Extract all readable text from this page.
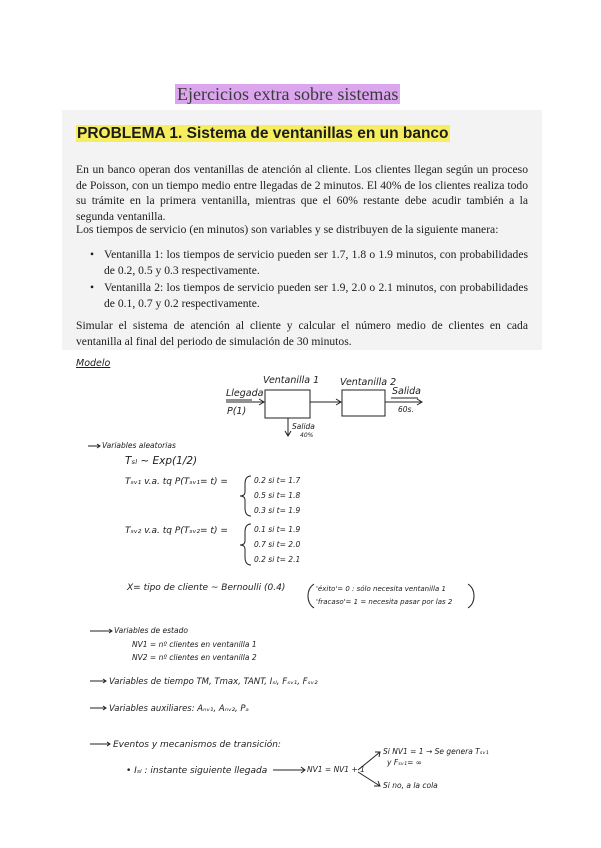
Ejercicios extra sobre sistemas
PROBLEMA 1. Sistema de ventanillas en un banco
En un banco operan dos ventanillas de atención al cliente. Los clientes llegan según un proceso de Poisson, con un tiempo medio entre llegadas de 2 minutos. El 40% de los clientes realiza todo su trámite en la primera ventanilla, mientras que el 60% restante debe acudir también a la segunda ventanilla.
Los tiempos de servicio (en minutos) son variables y se distribuyen de la siguiente manera:
• Ventanilla 1: los tiempos de servicio pueden ser 1.7, 1.8 o 1.9 minutos, con probabilidades de 0.2, 0.5 y 0.3 respectivamente.
• Ventanilla 2: los tiempos de servicio pueden ser 1.9, 2.0 o 2.1 minutos, con probabilidades de 0.1, 0.7 y 0.2 respectivamente.
Simular el sistema de atención al cliente y calcular el número medio de clientes en cada ventanilla al final del periodo de simulación de 30 minutos.
Modelo
Llegada
P(1)
Ventanilla 1 Ventanilla 2
Salida
60s.
Salida
40%
Variables aleatorias
Tₛₗ ~ Exp(1/2)
Tₛᵥ₁ v.a. tq P(Tₛᵥ₁= t) =	0.2 si t= 1.7
0.5 si t= 1.8
0.3 si t= 1.9
Tₛᵥ₂ v.a. tq P(Tₛᵥ₂= t) =	0.1 si t= 1.9
0.7 si t= 2.0
0.2 si t= 2.1
X= tipo de cliente ~ Bernoulli (0.4)	'éxito'= 0 : sólo necesita ventanilla 1
'fracaso'= 1 = necesita pasar por las 2
Variables de estado
NV1 = nº clientes en ventanilla 1
NV2 = nº clientes en ventanilla 2
Variables de tiempo TM, Tmax, TANT, Iₛₗ, Fₛᵥ₁, Fₛᵥ₂
Variables auxiliares: Aₙᵥ₁, Aₙᵥ₂, Pₐ
Eventos y mecanismos de transición:
• Iₛₗ : instante siguiente llegada	NV1 = NV1 + 1
Si NV1 = 1 → Se genera Tₛᵥ₁
y Fₛᵥ₁= ∞
Si no, a la cola
